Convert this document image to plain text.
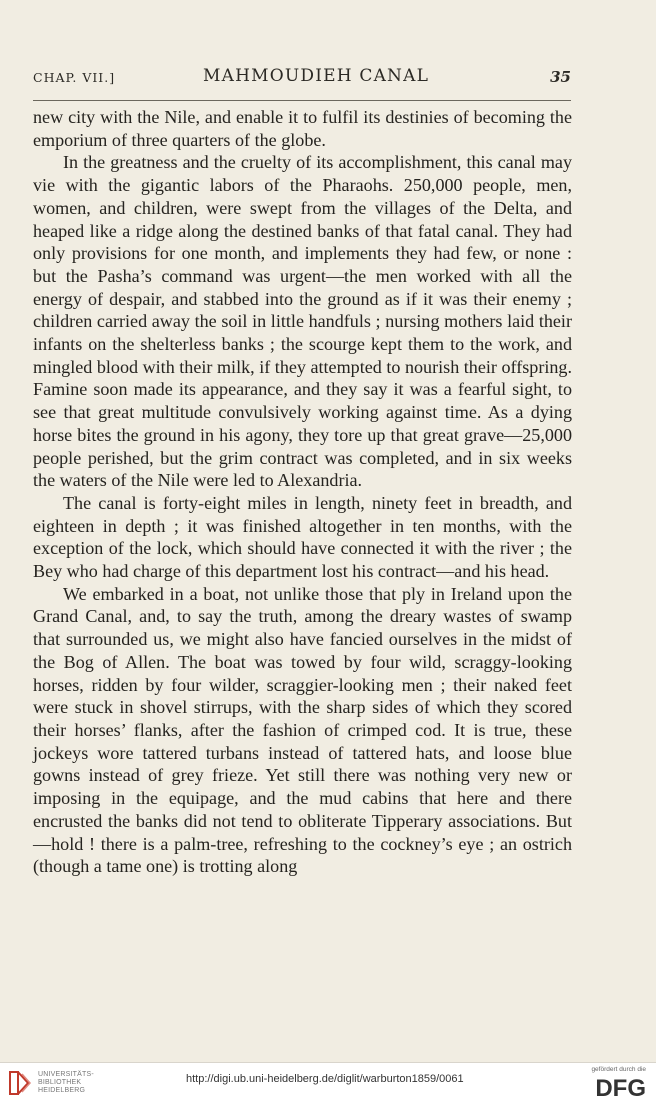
CHAP. VII.]	MAHMOUDIEH CANAL	35

new city with the Nile, and enable it to fulfil its destinies of becoming the emporium of three quarters of the globe.

In the greatness and the cruelty of its accomplishment, this canal may vie with the gigantic labors of the Pharaohs. 250,000 people, men, women, and children, were swept from the villages of the Delta, and heaped like a ridge along the destined banks of that fatal canal. They had only provisions for one month, and implements they had few, or none : but the Pasha’s command was urgent—the men worked with all the energy of despair, and stabbed into the ground as if it was their enemy ; children carried away the soil in little handfuls ; nursing mothers laid their infants on the shelterless banks ; the scourge kept them to the work, and mingled blood with their milk, if they attempted to nourish their offspring. Famine soon made its appearance, and they say it was a fearful sight, to see that great multitude convulsively working against time. As a dying horse bites the ground in his agony, they tore up that great grave—25,000 people perished, but the grim contract was completed, and in six weeks the waters of the Nile were led to Alexandria.

The canal is forty-eight miles in length, ninety feet in breadth, and eighteen in depth ; it was finished altogether in ten months, with the exception of the lock, which should have connected it with the river ; the Bey who had charge of this department lost his contract—and his head.

We embarked in a boat, not unlike those that ply in Ireland upon the Grand Canal, and, to say the truth, among the dreary wastes of swamp that surrounded us, we might also have fancied ourselves in the midst of the Bog of Allen. The boat was towed by four wild, scraggy-looking horses, ridden by four wilder, scraggier-looking men ; their naked feet were stuck in shovel stirrups, with the sharp sides of which they scored their horses’ flanks, after the fashion of crimped cod. It is true, these jockeys wore tattered turbans instead of tattered hats, and loose blue gowns instead of grey frieze. Yet still there was nothing very new or imposing in the equipage, and the mud cabins that here and there encrusted the banks did not tend to obliterate Tipperary associations. But—hold ! there is a palm-tree, refreshing to the cockney’s eye ; an ostrich (though a tame one) is trotting along

UNIVERSITÄTS-
BIBLIOTHEK
HEIDELBERG
http://digi.ub.uni-heidelberg.de/diglit/warburton1859/0061
gefördert durch die
DFG
